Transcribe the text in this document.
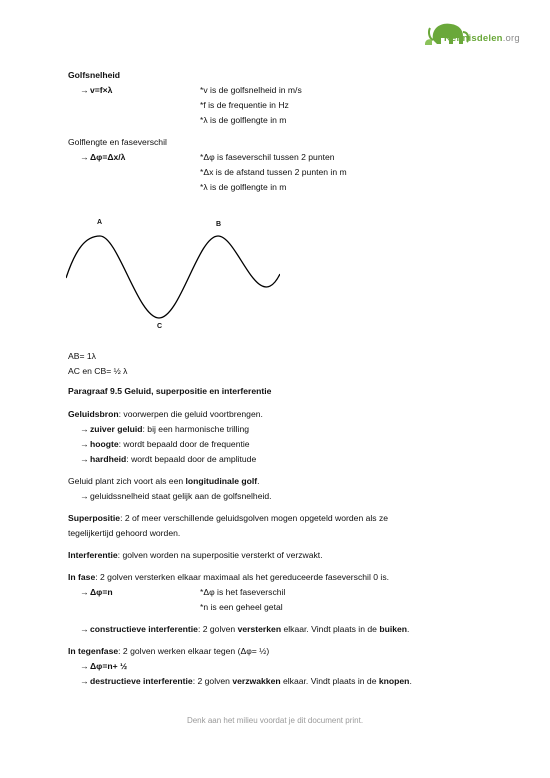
Kennisdelen.org
Golfsnelheid
→v=f×λ	*v is de golfsnelheid in m/s
*f is de frequentie in Hz
*λ is de golflengte in m
Golflengte en faseverschil
→Δφ=Δx/λ	*Δφ is faseverschil tussen 2 punten
*Δx is de afstand tussen 2 punten in m
*λ is de golflengte in m
A	B
C
AB= 1λ
AC en CB= ½ λ
Paragraaf 9.5 Geluid, superpositie en interferentie
Geluidsbron: voorwerpen die geluid voortbrengen.
→zuiver geluid: bij een harmonische trilling
→hoogte: wordt bepaald door de frequentie
→hardheid: wordt bepaald door de amplitude
Geluid plant zich voort als een longitudinale golf.
→geluidssnelheid staat gelijk aan de golfsnelheid.
Superpositie: 2 of meer verschillende geluidsgolven mogen opgeteld worden als ze
tegelijkertijd gehoord worden.
Interferentie: golven worden na superpositie versterkt of verzwakt.
In fase: 2 golven versterken elkaar maximaal als het gereduceerde faseverschil 0 is.
→Δφ=n	*Δφ is het faseverschil
*n is een geheel getal
→constructieve interferentie: 2 golven versterken elkaar. Vindt plaats in de buiken.
In tegenfase: 2 golven werken elkaar tegen (Δφ= ½)
→Δφ=n+ ½
→destructieve interferentie: 2 golven verzwakken elkaar. Vindt plaats in de knopen.
Denk aan het milieu voordat je dit document print.
